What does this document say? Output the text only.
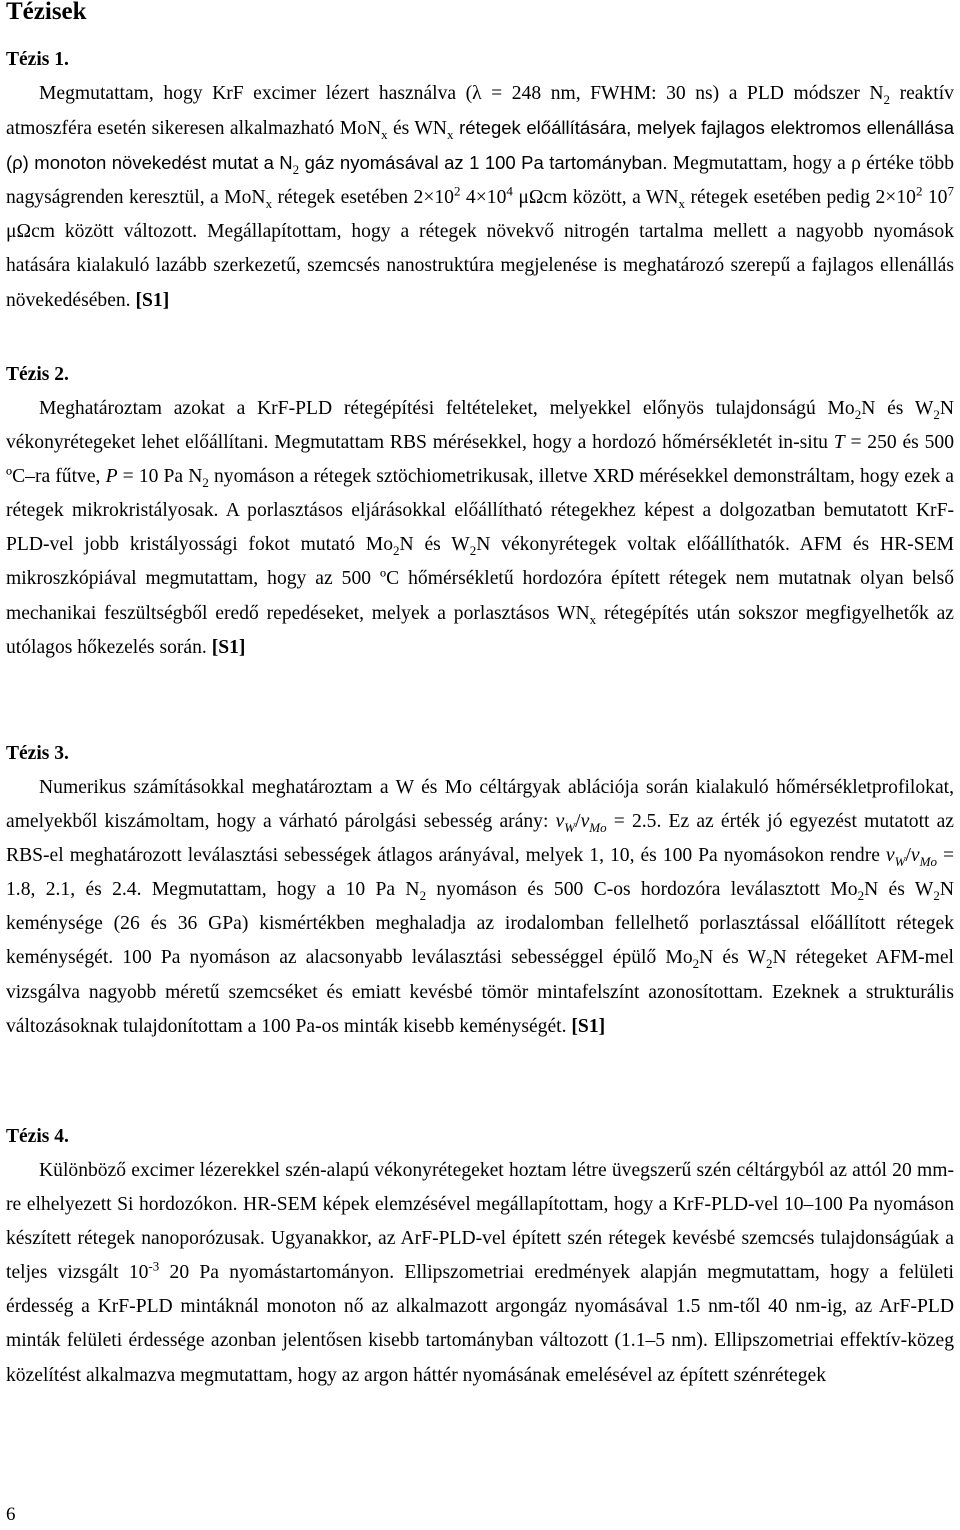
Tézisek
Tézis 1.

Megmutattam, hogy KrF excimer lézert használva (λ = 248 nm, FWHM: 30 ns) a PLD módszer $N_2$ reaktív atmoszféra esetén sikeresen alkalmazható MoN$_x$ és $WN_x$ rétegek előállítására, melyek fajlagos elektromos ellenállása (ρ) monoton növekedést mutat a $N_2$ gáz nyomásával az 1 100 Pa tartományban. Megmutattam, hogy a ρ értéke több nagyságrenden keresztül, a MoN$_x$ rétegek esetében $2\times 10^2$ $4\times 10^4$ μΩcm között, a $WN_x$ rétegek esetében pedig $2\times 10^2$ $10^7$ μΩcm között változott. Megállapítottam, hogy a rétegek növekvő nitrogén tartalma mellett a nagyobb nyomások hatására kialakuló lazább szerkezetű, szemcsés nanostruktúra megjelenése is meghatározó szerepű a fajlagos ellenállás növekedésében. [S1]

Tézis 2.

Meghatároztam azokat a KrF-PLD rétegépítési feltételeket, melyekkel előnyös tulajdonságú $Mo_2N$ és $W_2N$ vékonyrétegeket lehet előállítani. Megmutattam RBS mérésekkel, hogy a hordozó hőmérsékletét in-situ T = 250 és 500 ºC–ra fűtve, P = 10 Pa $N_2$ nyomáson a rétegek sztöchiometrikusak, illetve XRD mérésekkel demonstráltam, hogy ezek a rétegek mikrokristályosak. A porlasztásos eljárásokkal előállítható rétegekhez képest a dolgozatban bemutatott KrF-PLD-vel jobb kristályossági fokot mutató $Mo_2N$ és $W_2N$ vékonyrétegek voltak előállíthatók. AFM és HR-SEM mikroszkópiával megmutattam, hogy az 500 ºC hőmérsékletű hordozóra épített rétegek nem mutatnak olyan belső mechanikai feszültségből eredő repedéseket, melyek a porlasztásos $WN_x$ rétegépítés után sokszor megfigyelhetők az utólagos hőkezelés során. [S1]

Tézis 3.

Numerikus számításokkal meghatároztam a W és Mo céltárgyak ablációja során kialakuló hőmérsékletprofilokat, amelyekből kiszámoltam, hogy a várható párolgási sebesség arány: $v_W/v_{Mo} = 2.5$. Ez az érték jó egyezést mutatott az RBS-el meghatározott leválasztási sebességek átlagos arányával, melyek 1, 10, és 100 Pa nyomásokon rendre $v_W/v_{Mo} = 1.8$, 2.1, és 2.4. Megmutattam, hogy a 10 Pa $N_2$ nyomáson és 500 C-os hordozóra leválasztott $Mo_2N$ és $W_2N$ keménysége (26 és 36 GPa) kismértékben meghaladja az irodalomban fellelhető porlasztással előállított rétegek keménységét. 100 Pa nyomáson az alacsonyabb leválasztási sebességgel épülő $Mo_2N$ és $W_2N$ rétegeket AFM-mel vizsgálva nagyobb méretű szemcséket és emiatt kevésbé tömör mintafelszínt azonosítottam. Ezeknek a strukturális változásoknak tulajdonítottam a 100 Pa-os minták kisebb keménységét. [S1]

Tézis 4.

Különböző excimer lézerekkel szén-alapú vékonyrétegeket hoztam létre üvegszerű szén céltárgyból az attól 20 mm-re elhelyezett Si hordozókon. HR-SEM képek elemzésével megállapítottam, hogy a KrF-PLD-vel 10–100 Pa nyomáson készített rétegek nanoporózusak. Ugyanakkor, az ArF-PLD-vel épített szén rétegek kevésbé szemcsés tulajdonságúak a teljes vizsgált $10^{-3}$ 20 Pa nyomástartományon. Ellipszometriai eredmények alapján megmutattam, hogy a felületi érdesség a KrF-PLD mintáknál monoton nő az alkalmazott argongáz nyomásával 1.5 nm-től 40 nm-ig, az ArF-PLD minták felületi érdessége azonban jelentősen kisebb tartományban változott (1.1–5 nm). Ellipszometriai effektív-közeg közelítést alkalmazva megmutattam, hogy az argon háttér nyomásának emelésével az épített szénrétegek

6
